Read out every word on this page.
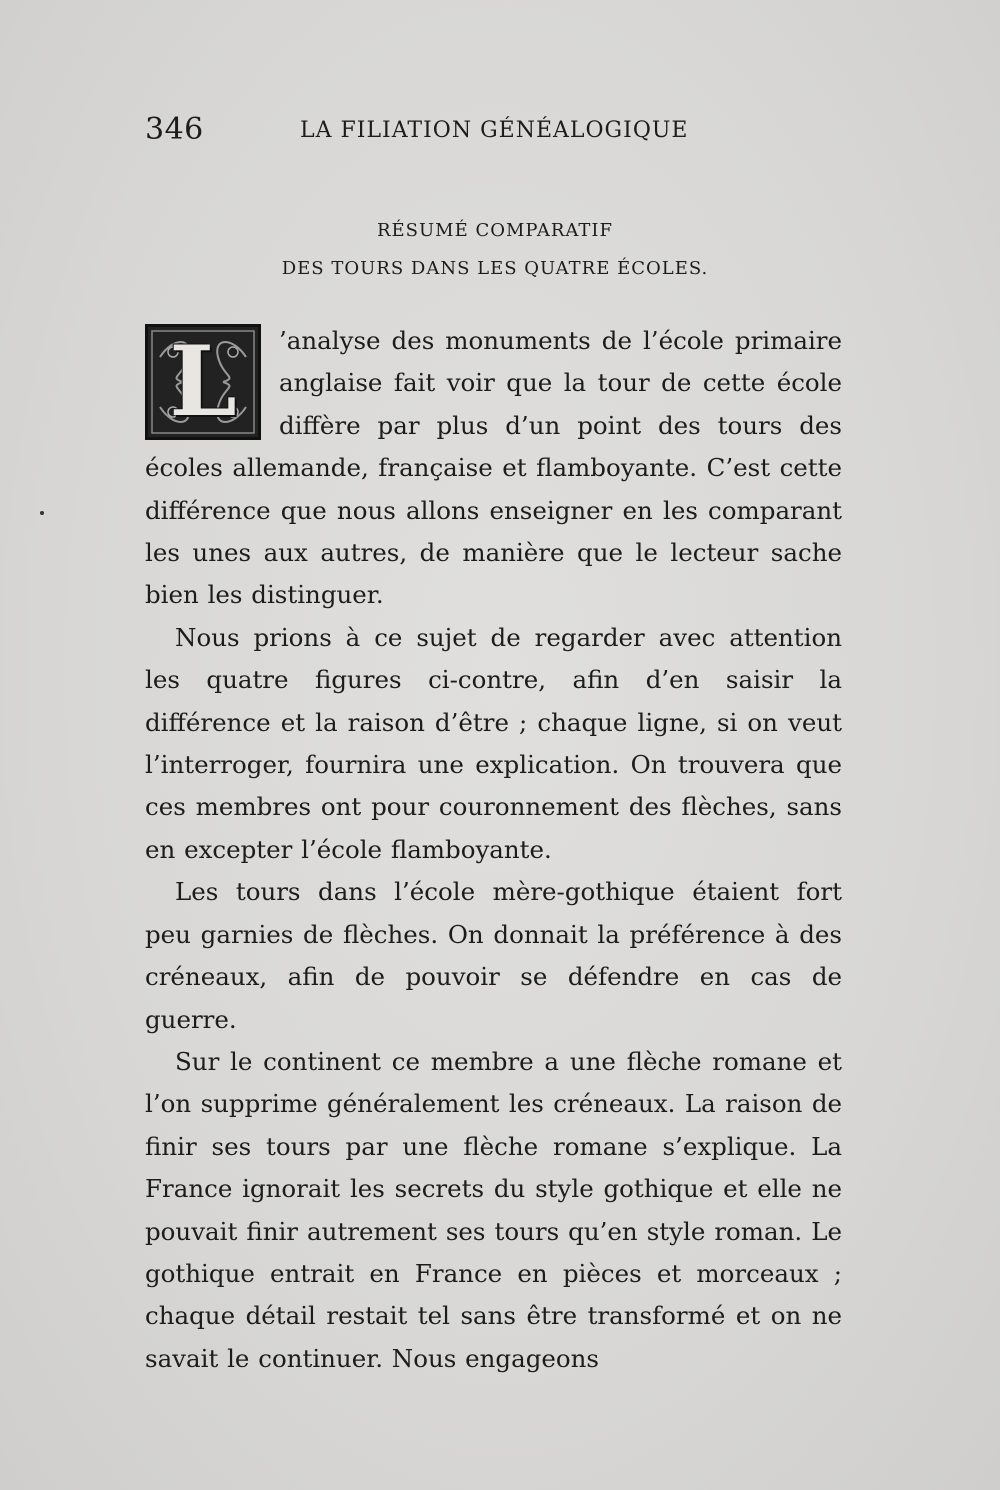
346	LA FILIATION GÉNÉALOGIQUE
RÉSUMÉ COMPARATIF
DES TOURS DANS LES QUATRE ÉCOLES.

L	’analyse des monuments de l’école primaire anglaise fait voir que la tour de cette école diffère par plus d’un point des tours des écoles allemande, française et flamboyante. C’est cette différence que nous allons enseigner en les comparant les unes aux autres, de manière que le lecteur sache bien les distinguer.

Nous prions à ce sujet de regarder avec attention les quatre figures ci-contre, afin d’en saisir la différence et la raison d’être ; chaque ligne, si on veut l’interroger, fournira une explication. On trouvera que ces membres ont pour couronnement des flèches, sans en excepter l’école flamboyante.

Les tours dans l’école mère-gothique étaient fort peu garnies de flèches. On donnait la préférence à des créneaux, afin de pouvoir se défendre en cas de guerre.

Sur le continent ce membre a une flèche romane et l’on supprime généralement les créneaux. La raison de finir ses tours par une flèche romane s’explique. La France ignorait les secrets du style gothique et elle ne pouvait finir autrement ses tours qu’en style roman. Le gothique entrait en France en pièces et morceaux ; chaque détail restait tel sans être transformé et on ne savait le continuer. Nous engageons
